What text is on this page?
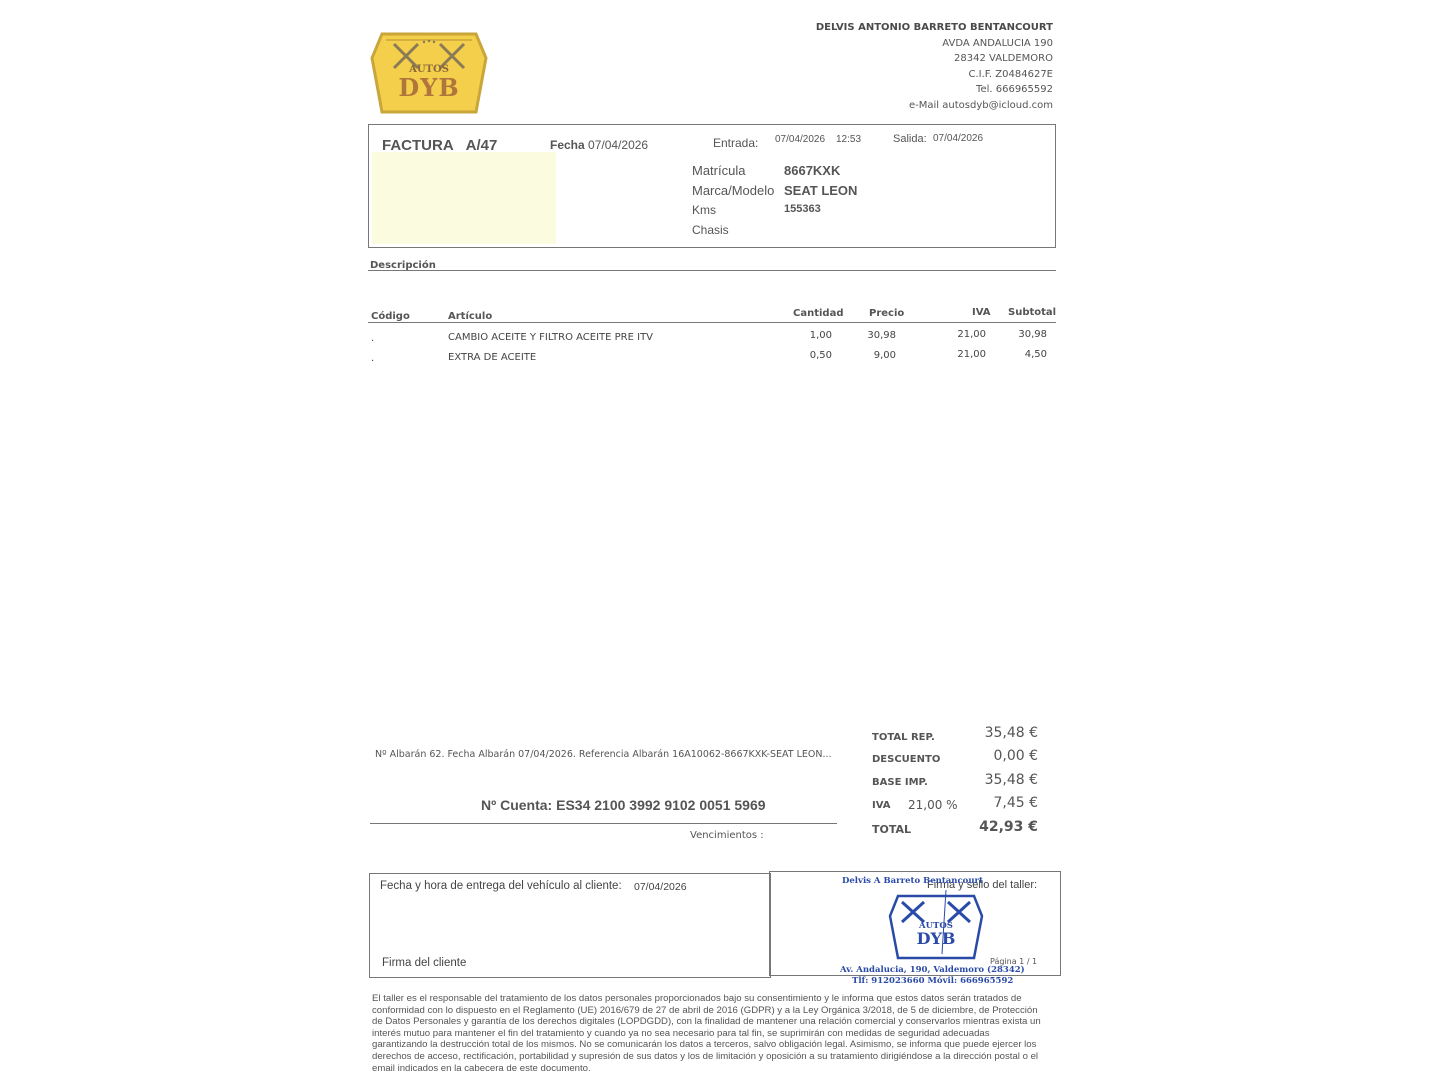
AUTOS
DYB
DELVIS ANTONIO BARRETO BENTANCOURT
AVDA ANDALUCIA 190
28342 VALDEMORO
C.I.F. Z0484627E
Tel. 666965592
e-Mail autosdyb@icloud.com
FACTURA A/47	Fecha 07/04/2026	Entrada: 07/04/2026 12:53	Salida: 07/04/2026
Matrícula	8667KXK
Marca/Modelo SEAT LEON
Kms	155363
Chasis
Descripción
Código	Artículo	Cantidad	Precio	IVA Subtotal
.	CAMBIO ACEITE Y FILTRO ACEITE PRE ITV	1,00	30,98	21,00	30,98
.	EXTRA DE ACEITE	0,50	9,00	21,00	4,50
Nº Albarán 62. Fecha Albarán 07/04/2026. Referencia Albarán 16A10062-8667KXK-SEAT LEON...
Nº Cuenta: ES34 2100 3992 9102 0051 5969
Vencimientos :
TOTAL REP.	35,48 €
DESCUENTO	0,00 €
BASE IMP.	35,48 €
IVA 21,00 %	7,45 €
TOTAL	42,93 €
Fecha y hora de entrega del vehículo al cliente: 07/04/2026
Firma del cliente
Firma y sello del taller:
Página 1 / 1
Delvis A Barreto Bentancourt
AUTOS
DYB
Av. Andalucia, 190, Valdemoro (28342)
Tlf: 912023660 Móvil: 666965592
El taller es el responsable del tratamiento de los datos personales proporcionados bajo su consentimiento y le informa que estos datos serán tratados de conformidad con lo dispuesto en el Reglamento (UE) 2016/679 de 27 de abril de 2016 (GDPR) y a la Ley Orgánica 3/2018, de 5 de diciembre, de Protección de Datos Personales y garantía de los derechos digitales (LOPDGDD), con la finalidad de mantener una relación comercial y conservarlos mientras exista un interés mutuo para mantener el fin del tratamiento y cuando ya no sea necesario para tal fin, se suprimirán con medidas de seguridad adecuadas garantizando la destrucción total de los mismos. No se comunicarán los datos a terceros, salvo obligación legal. Asimismo, se informa que puede ejercer los derechos de acceso, rectificación, portabilidad y supresión de sus datos y los de limitación y oposición a su tratamiento dirigiéndose a la dirección postal o el email indicados en la cabecera de este documento.
